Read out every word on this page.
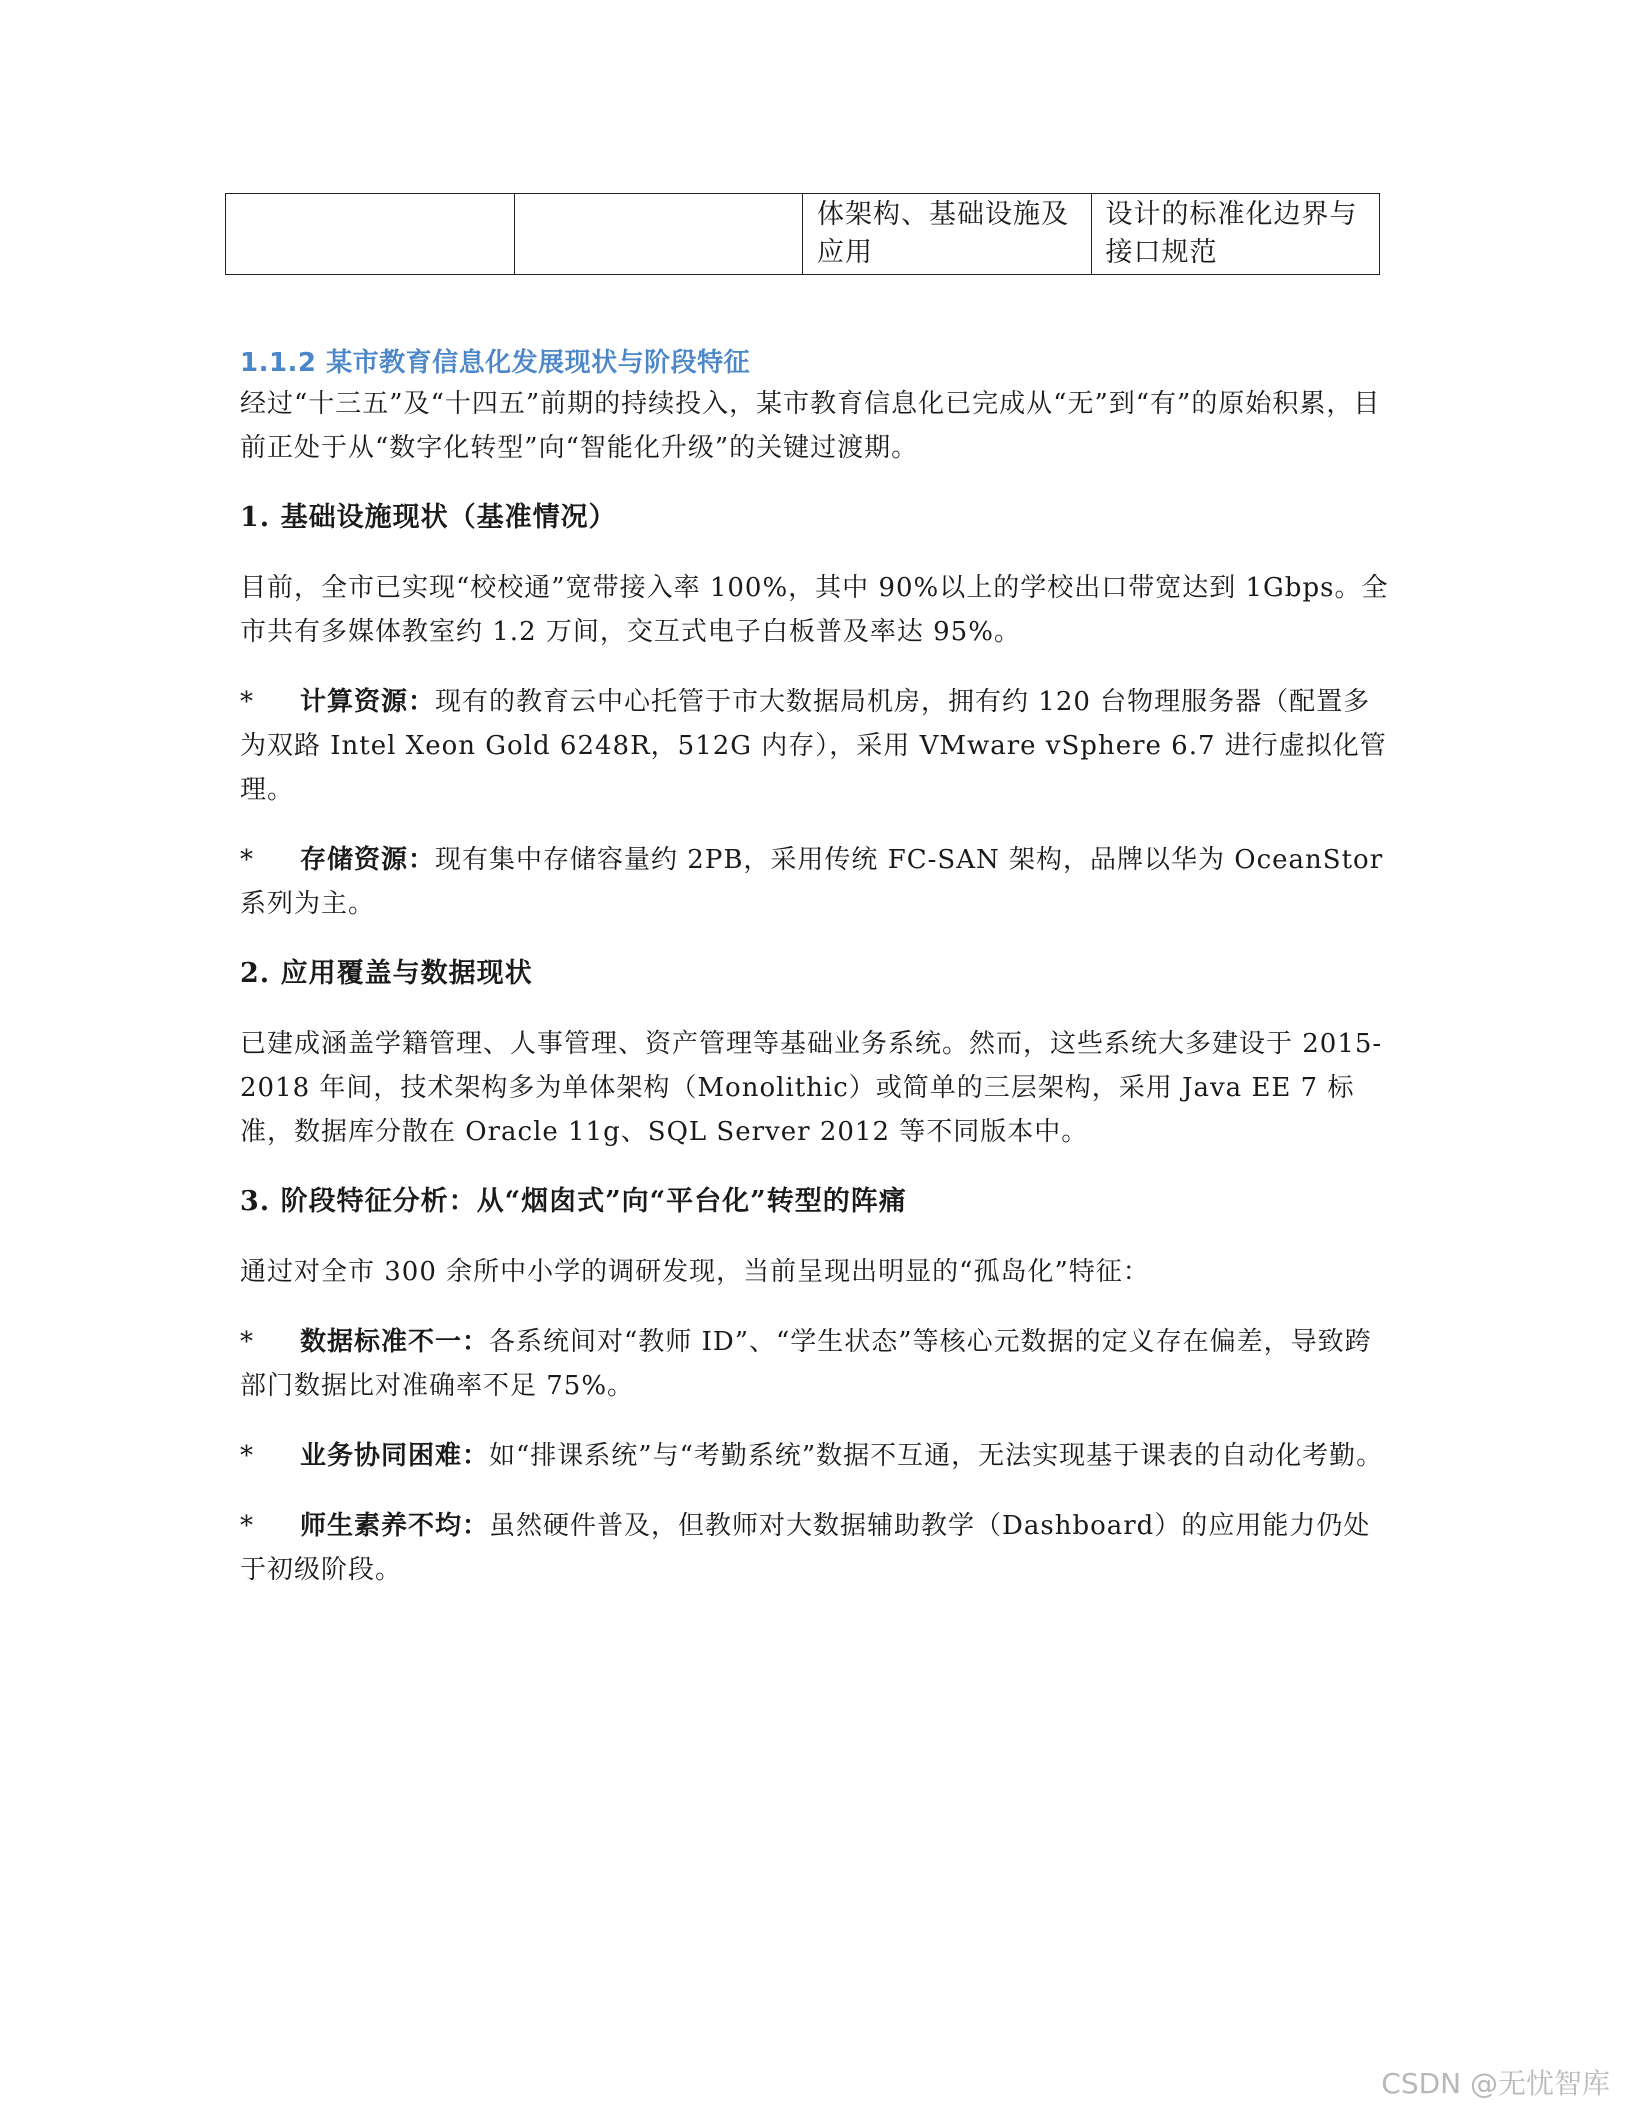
		体架构、基础设施及应用	设计的标准化边界与接口规范
1.1.2 某市教育信息化发展现状与阶段特征

经过“十三五”及“十四五”前期的持续投入，某市教育信息化已完成从“无”到“有”的原始积累，目前正处于从“数字化转型”向“智能化升级”的关键过渡期。

1. 基础设施现状（基准情况）

目前，全市已实现“校校通”宽带接入率 100%，其中 90%以上的学校出口带宽达到 1Gbps。全市共有多媒体教室约 1.2 万间，交互式电子白板普及率达 95%。

* 计算资源：现有的教育云中心托管于市大数据局机房，拥有约 120 台物理服务器（配置多为双路 Intel Xeon Gold 6248R，512G 内存），采用 VMware vSphere 6.7 进行虚拟化管理。

* 存储资源：现有集中存储容量约 2PB，采用传统 FC-SAN 架构，品牌以华为 OceanStor 系列为主。

2. 应用覆盖与数据现状

已建成涵盖学籍管理、人事管理、资产管理等基础业务系统。然而，这些系统大多建设于 2015-2018 年间，技术架构多为单体架构（Monolithic）或简单的三层架构，采用 Java EE 7 标准，数据库分散在 Oracle 11g、SQL Server 2012 等不同版本中。

3. 阶段特征分析：从“烟囱式”向“平台化”转型的阵痛

通过对全市 300 余所中小学的调研发现，当前呈现出明显的“孤岛化”特征：

* 数据标准不一：各系统间对“教师 ID”、“学生状态”等核心元数据的定义存在偏差，导致跨部门数据比对准确率不足 75%。

* 业务协同困难：如“排课系统”与“考勤系统”数据不互通，无法实现基于课表的自动化考勤。

* 师生素养不均：虽然硬件普及，但教师对大数据辅助教学（Dashboard）的应用能力仍处于初级阶段。

CSDN @无忧智库
